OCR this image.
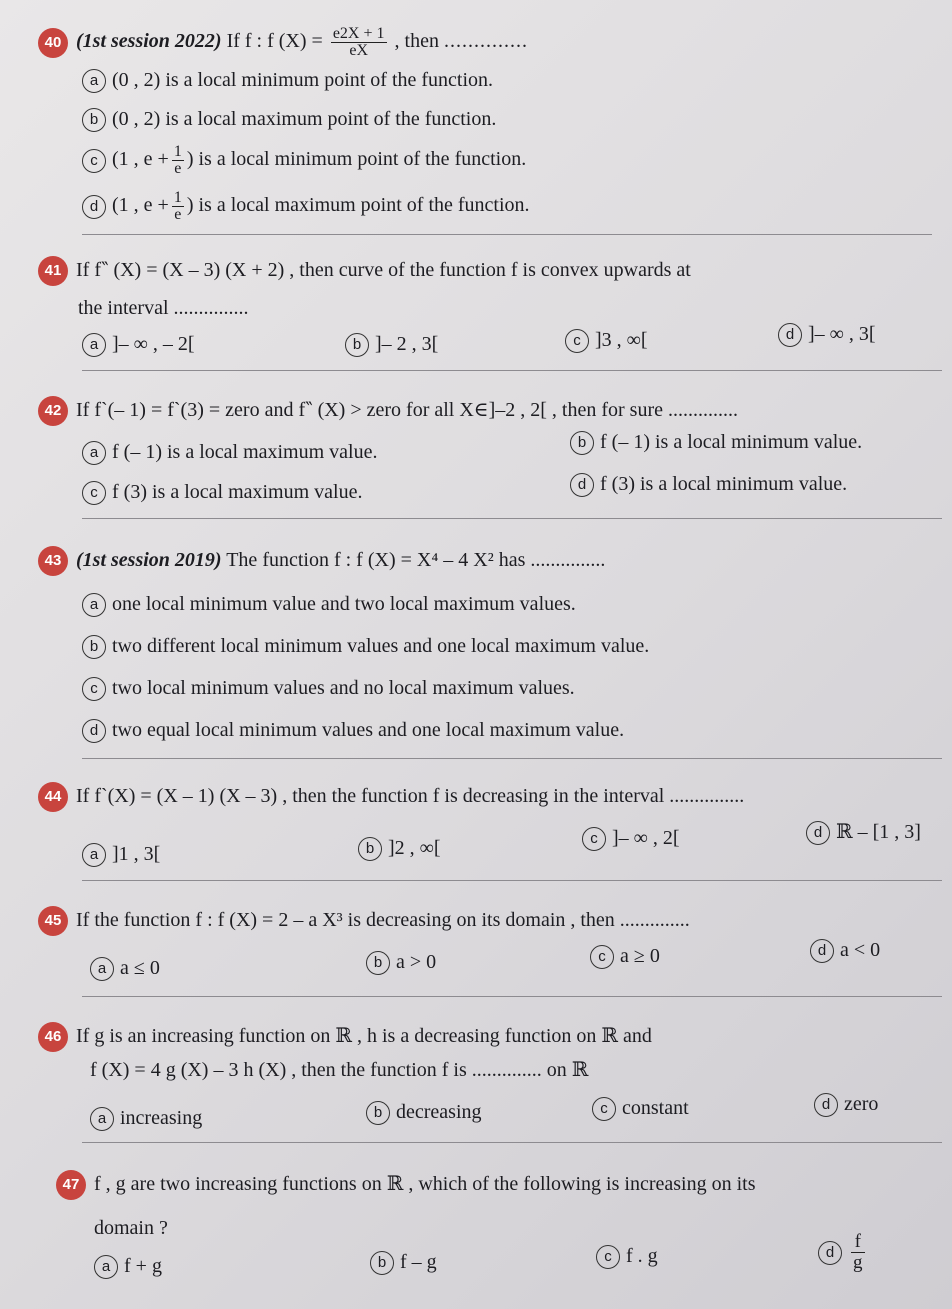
40 (1st session 2022) If f : f $(X) = \frac{e2X + 1}{eX}$ , then ..............
a (0 , 2) is a local minimum point of the function.
b (0 , 2) is a local maximum point of the function.
c (1 , $e + \frac{1}{e}$ ) is a local minimum point of the function.
d (1 , $e + \frac{1}{e}$ ) is a local maximum point of the function.
41 If f‶ (X) = (X – 3) (X + 2) , then curve of the function f is convex upwards at
the interval ...............
a ]– ∞ , – 2[	b ]– 2 , 3[	c ]3 , ∞[	d ]– ∞ , 3[
42 If f`(– 1) = f`(3) = zero and f‶ (X) > zero for all X∈]–2 , 2[ , then for sure ..............
a f (– 1) is a local maximum value.	b f (– 1) is a local minimum value.
c f (3) is a local maximum value.	d f (3) is a local minimum value.
43 (1st session 2019) The function f : f (X) = X⁴ – 4 X² has ...............
a one local minimum value and two local maximum values.
b two different local minimum values and one local maximum value.
c two local minimum values and no local maximum values.
d two equal local minimum values and one local maximum value.
44 If f`(X) = (X – 1) (X – 3) , then the function f is decreasing in the interval ...............
a ]1 , 3[	b ]2 , ∞[	c ]– ∞ , 2[	d ℝ – [1 , 3]
45 If the function f : f (X) = 2 – a X³ is decreasing on its domain , then ..............
a a ≤ 0	b a > 0	c a ≥ 0	d a < 0
46 If g is an increasing function on ℝ , h is a decreasing function on ℝ and
f (X) = 4 g (X) – 3 h (X) , then the function f is .............. on ℝ
a increasing	b decreasing	c constant	d zero
47 f , g are two increasing functions on ℝ , which of the following is increasing on its
domain ?
a f + g	b f – g	c f . g	d $\frac{f}{g}$
